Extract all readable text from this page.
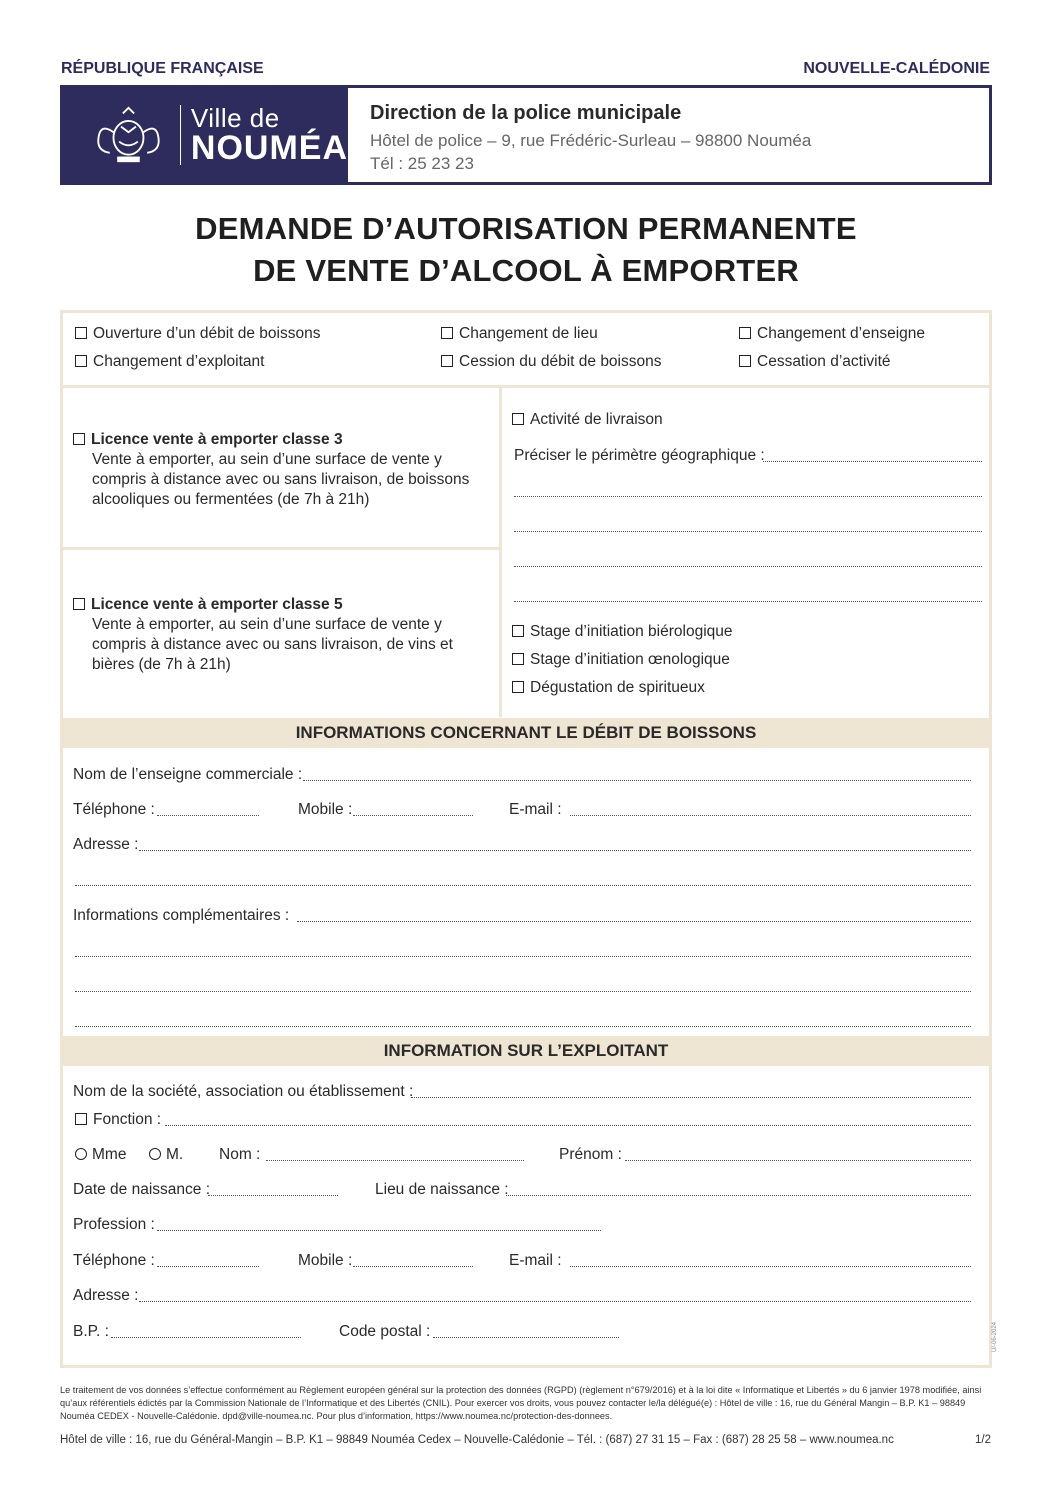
RÉPUBLIQUE FRANÇAISE	NOUVELLE-CALÉDONIE
Ville de
NOUMÉA
Direction de la police municipale
Hôtel de police – 9, rue Frédéric-Surleau – 98800 Nouméa
Tél : 25 23 23
DEMANDE D’AUTORISATION PERMANENTE
DE VENTE D’ALCOOL À EMPORTER
Ouverture d’un débit de boissons	Changement de lieu	Changement d’enseigne
Changement d’exploitant	Cession du débit de boissons	Cessation d’activité
Licence vente à emporter classe 3
Vente à emporter, au sein d’une surface de vente y compris à distance avec ou sans livraison, de boissons alcooliques ou fermentées (de 7h à 21h)
Licence vente à emporter classe 5
Vente à emporter, au sein d’une surface de vente y compris à distance avec ou sans livraison, de vins et bières (de 7h à 21h)
Activité de livraison
Préciser le périmètre géographique :
Stage d’initiation biérologique
Stage d’initiation œnologique
Dégustation de spiritueux
INFORMATIONS CONCERNANT LE DÉBIT DE BOISSONS
Nom de l’enseigne commerciale :
Téléphone :	Mobile :	E-mail :
Adresse :
Informations complémentaires :
INFORMATION SUR L’EXPLOITANT
Nom de la société, association ou établissement :
Fonction :
Mme	M. Nom :	Prénom :
Date de naissance :	Lieu de naissance :
Profession :
Téléphone :	Mobile :	E-mail :
Adresse :
B.P. :	Code postal :	U/-06-2024
Le traitement de vos données s’effectue conformément au Règlement européen général sur la protection des données (RGPD) (règlement n°679/2016) et à la loi dite « Informatique et Libertés » du 6 janvier 1978 modifiée, ainsi qu’aux référentiels édictés par la Commission Nationale de l’Informatique et des Libertés (CNIL). Pour exercer vos droits, vous pouvez contacter le/la délégué(e) : Hôtel de ville : 16, rue du Général Mangin – B.P. K1 – 98849 Nouméa CEDEX - Nouvelle-Calédonie. dpd@ville-noumea.nc. Pour plus d’information, https://www.noumea.nc/protection-des-donnees.
Hôtel de ville : 16, rue du Général-Mangin – B.P. K1 – 98849 Nouméa Cedex – Nouvelle-Calédonie – Tél. : (687) 27 31 15 – Fax : (687) 28 25 58 – www.noumea.nc	1/2
